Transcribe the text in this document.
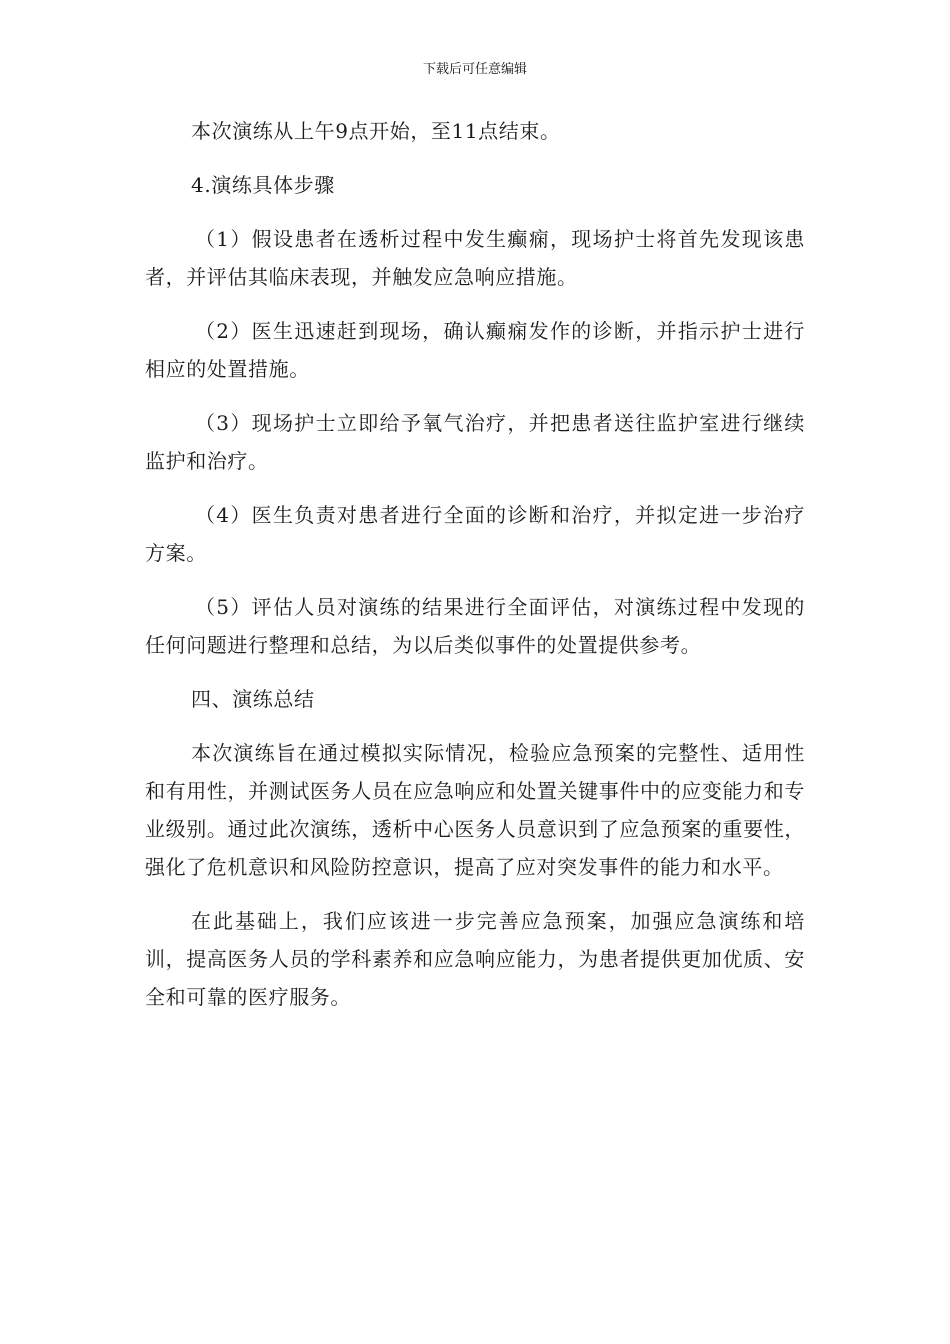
下载后可任意编辑

本次演练从上午9点开始，至11点结束。

4.演练具体步骤

（1）假设患者在透析过程中发生癫痫，现场护士将首先发现该患者，并评估其临床表现，并触发应急响应措施。

（2）医生迅速赶到现场，确认癫痫发作的诊断，并指示护士进行相应的处置措施。

（3）现场护士立即给予氧气治疗，并把患者送往监护室进行继续监护和治疗。

（4）医生负责对患者进行全面的诊断和治疗，并拟定进一步治疗方案。

（5）评估人员对演练的结果进行全面评估，对演练过程中发现的任何问题进行整理和总结，为以后类似事件的处置提供参考。

四、演练总结

本次演练旨在通过模拟实际情况，检验应急预案的完整性、适用性和有用性，并测试医务人员在应急响应和处置关键事件中的应变能力和专业级别。通过此次演练，透析中心医务人员意识到了应急预案的重要性，强化了危机意识和风险防控意识，提高了应对突发事件的能力和水平。

在此基础上，我们应该进一步完善应急预案，加强应急演练和培训，提高医务人员的学科素养和应急响应能力，为患者提供更加优质、安全和可靠的医疗服务。
